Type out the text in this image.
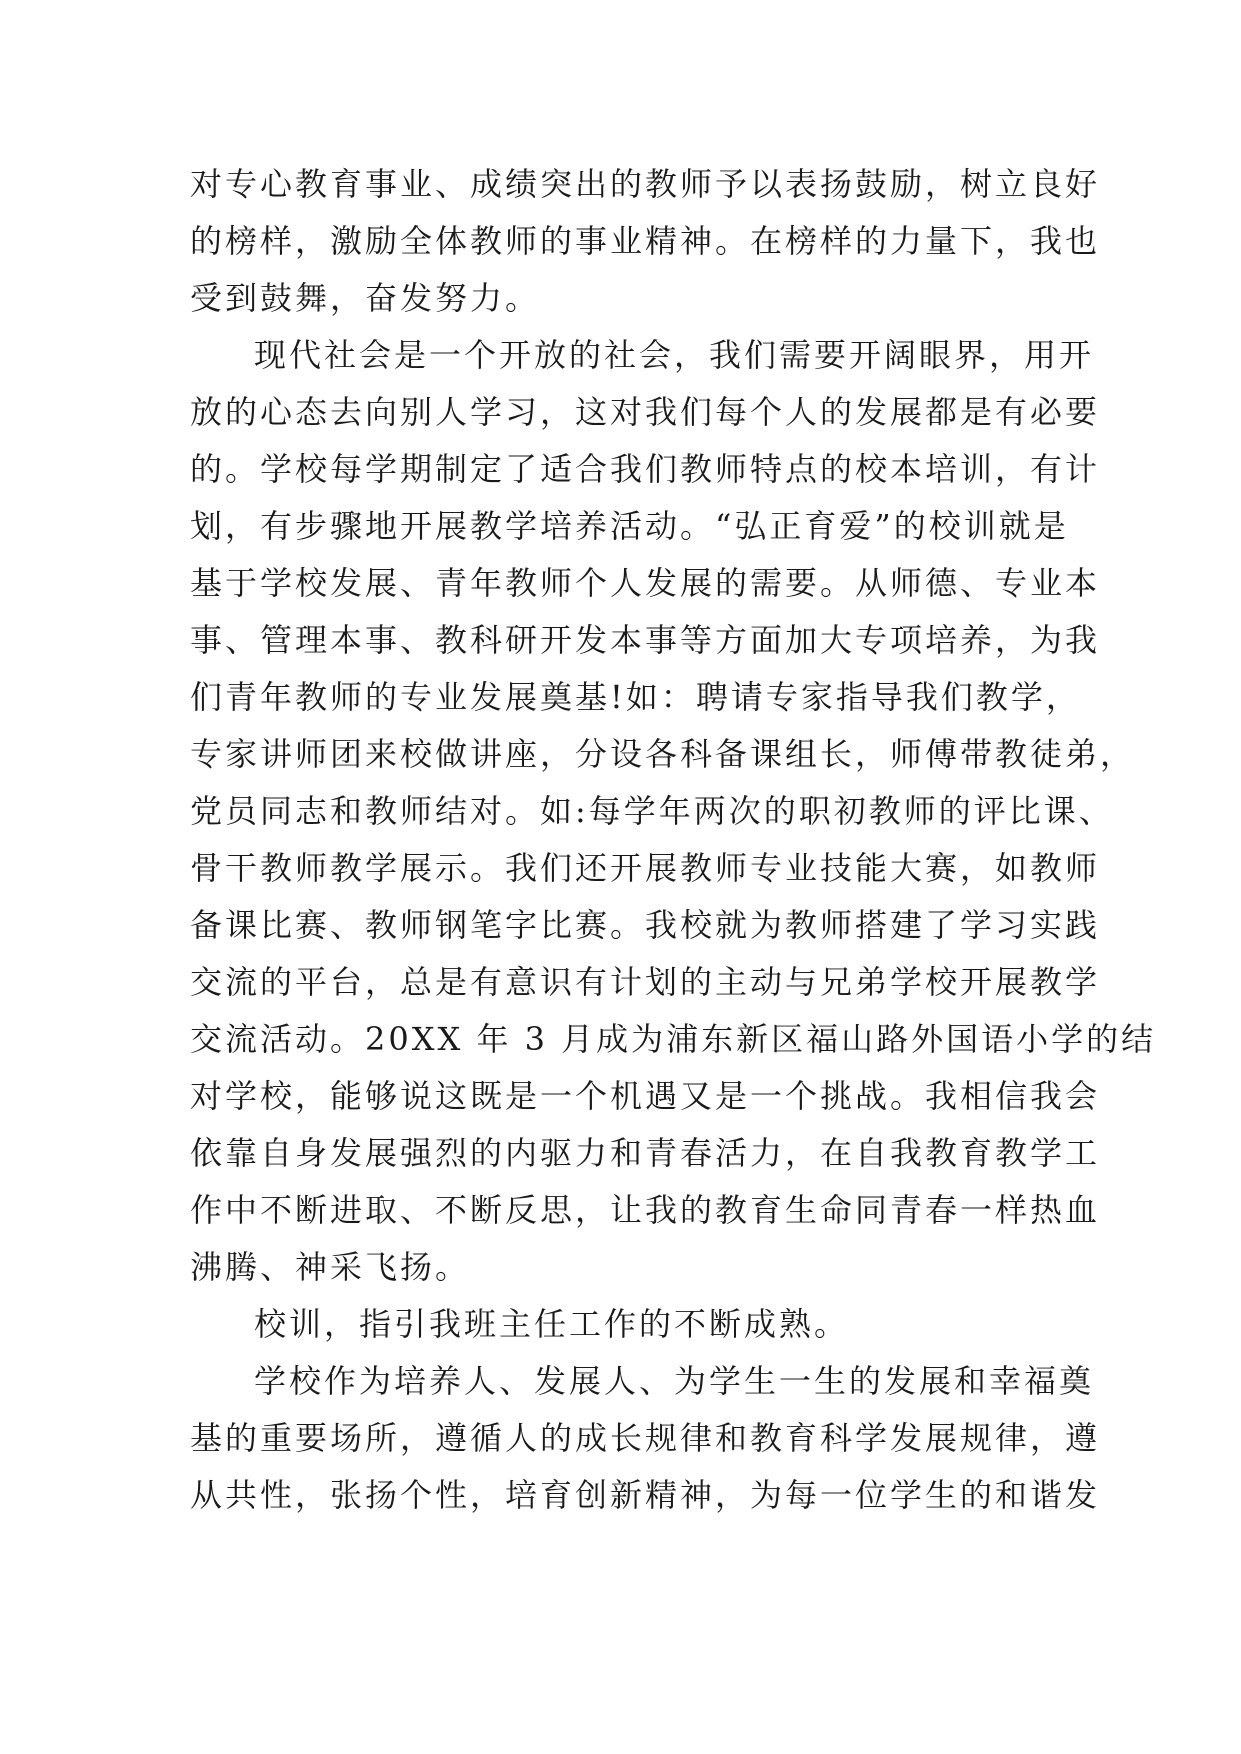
对专心教育事业、成绩突出的教师予以表扬鼓励，树立良好
的榜样，激励全体教师的事业精神。在榜样的力量下，我也
受到鼓舞，奋发努力。
现代社会是一个开放的社会，我们需要开阔眼界，用开
放的心态去向别人学习，这对我们每个人的发展都是有必要
的。学校每学期制定了适合我们教师特点的校本培训，有计
划，有步骤地开展教学培养活动。“弘正育爱”的校训就是
基于学校发展、青年教师个人发展的需要。从师德、专业本
事、管理本事、教科研开发本事等方面加大专项培养，为我
们青年教师的专业发展奠基!如：聘请专家指导我们教学，
专家讲师团来校做讲座，分设各科备课组长，师傅带教徒弟，
党员同志和教师结对。如:每学年两次的职初教师的评比课、
骨干教师教学展示。我们还开展教师专业技能大赛，如教师
备课比赛、教师钢笔字比赛。我校就为教师搭建了学习实践
交流的平台，总是有意识有计划的主动与兄弟学校开展教学
交流活动。20XX 年 3 月成为浦东新区福山路外国语小学的结
对学校，能够说这既是一个机遇又是一个挑战。我相信我会
依靠自身发展强烈的内驱力和青春活力，在自我教育教学工
作中不断进取、不断反思，让我的教育生命同青春一样热血
沸腾、神采飞扬。
校训，指引我班主任工作的不断成熟。
学校作为培养人、发展人、为学生一生的发展和幸福奠
基的重要场所，遵循人的成长规律和教育科学发展规律，遵
从共性，张扬个性，培育创新精神，为每一位学生的和谐发
